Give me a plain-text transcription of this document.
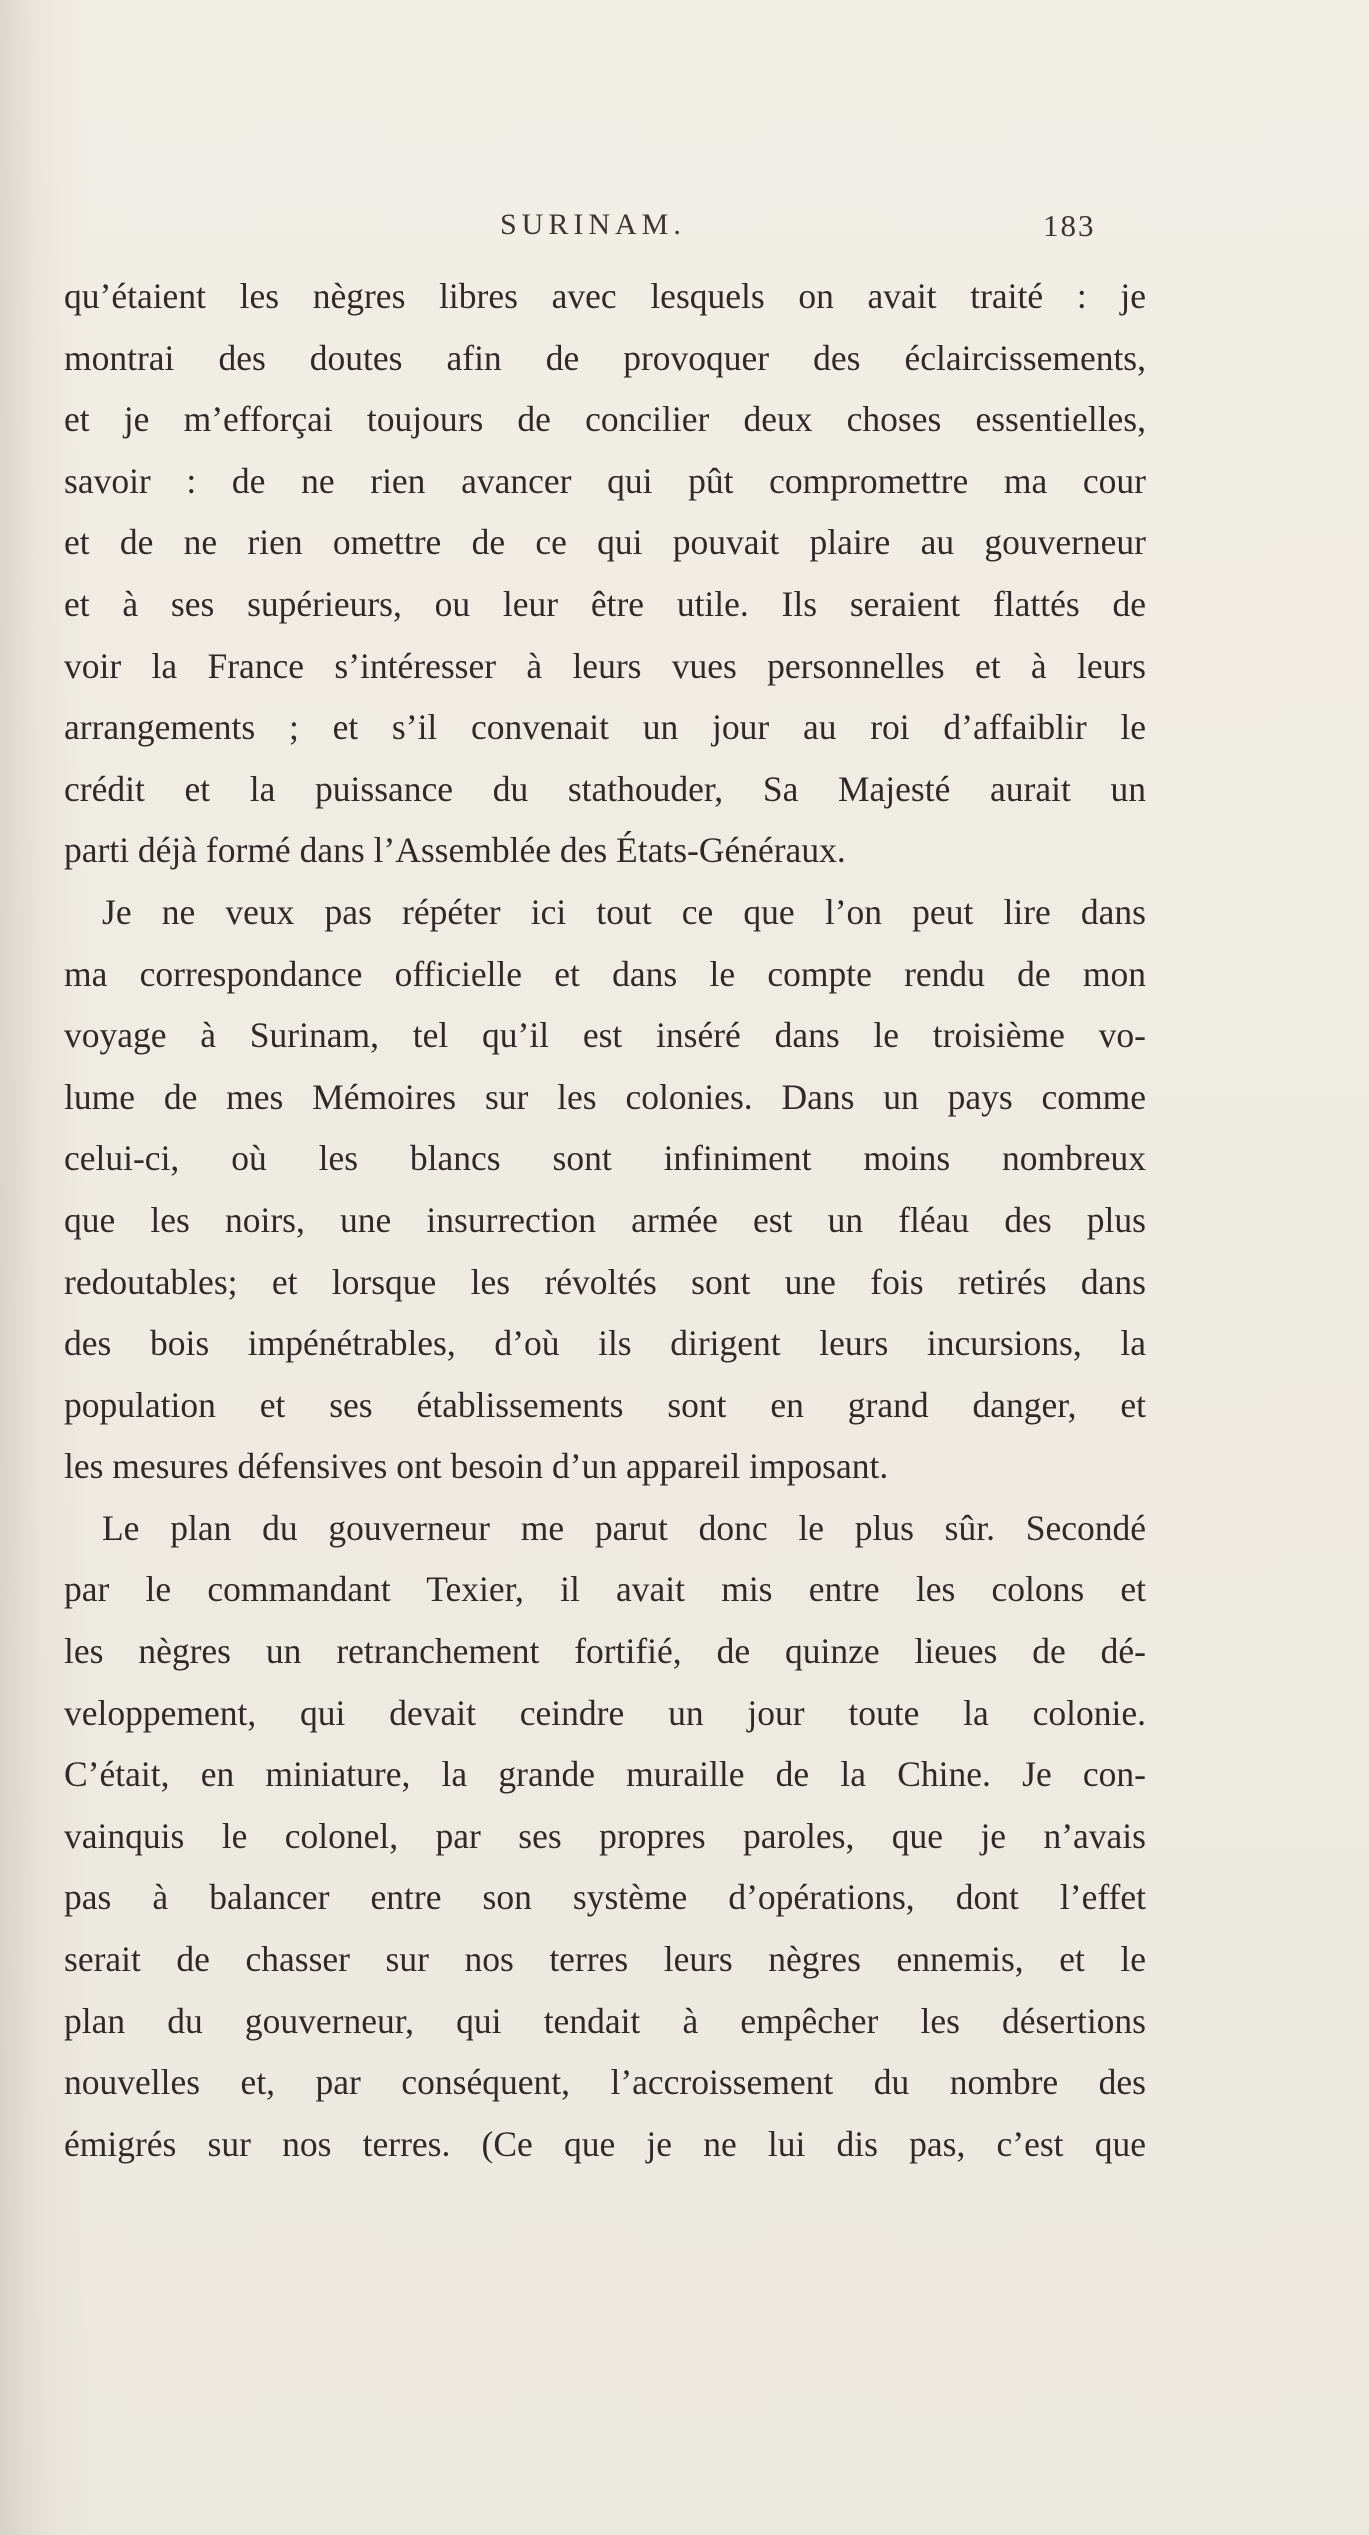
SURINAM.	183
qu’étaient les nègres libres avec lesquels on avait traité : je
montrai des doutes afin de provoquer des éclaircissements,
et je m’efforçai toujours de concilier deux choses essentielles,
savoir : de ne rien avancer qui pût compromettre ma cour
et de ne rien omettre de ce qui pouvait plaire au gouverneur
et à ses supérieurs, ou leur être utile. Ils seraient flattés de
voir la France s’intéresser à leurs vues personnelles et à leurs
arrangements ; et s’il convenait un jour au roi d’affaiblir le
crédit et la puissance du stathouder, Sa Majesté aurait un
parti déjà formé dans l’Assemblée des États-Généraux.
Je ne veux pas répéter ici tout ce que l’on peut lire dans
ma correspondance officielle et dans le compte rendu de mon
voyage à Surinam, tel qu’il est inséré dans le troisième vo-
lume de mes Mémoires sur les colonies. Dans un pays comme
celui-ci, où les blancs sont infiniment moins nombreux
que les noirs, une insurrection armée est un fléau des plus
redoutables; et lorsque les révoltés sont une fois retirés dans
des bois impénétrables, d’où ils dirigent leurs incursions, la
population et ses établissements sont en grand danger, et
les mesures défensives ont besoin d’un appareil imposant.
Le plan du gouverneur me parut donc le plus sûr. Secondé
par le commandant Texier, il avait mis entre les colons et
les nègres un retranchement fortifié, de quinze lieues de dé-
veloppement, qui devait ceindre un jour toute la colonie.
C’était, en miniature, la grande muraille de la Chine. Je con-
vainquis le colonel, par ses propres paroles, que je n’avais
pas à balancer entre son système d’opérations, dont l’effet
serait de chasser sur nos terres leurs nègres ennemis, et le
plan du gouverneur, qui tendait à empêcher les désertions
nouvelles et, par conséquent, l’accroissement du nombre des
émigrés sur nos terres. (Ce que je ne lui dis pas, c’est que
